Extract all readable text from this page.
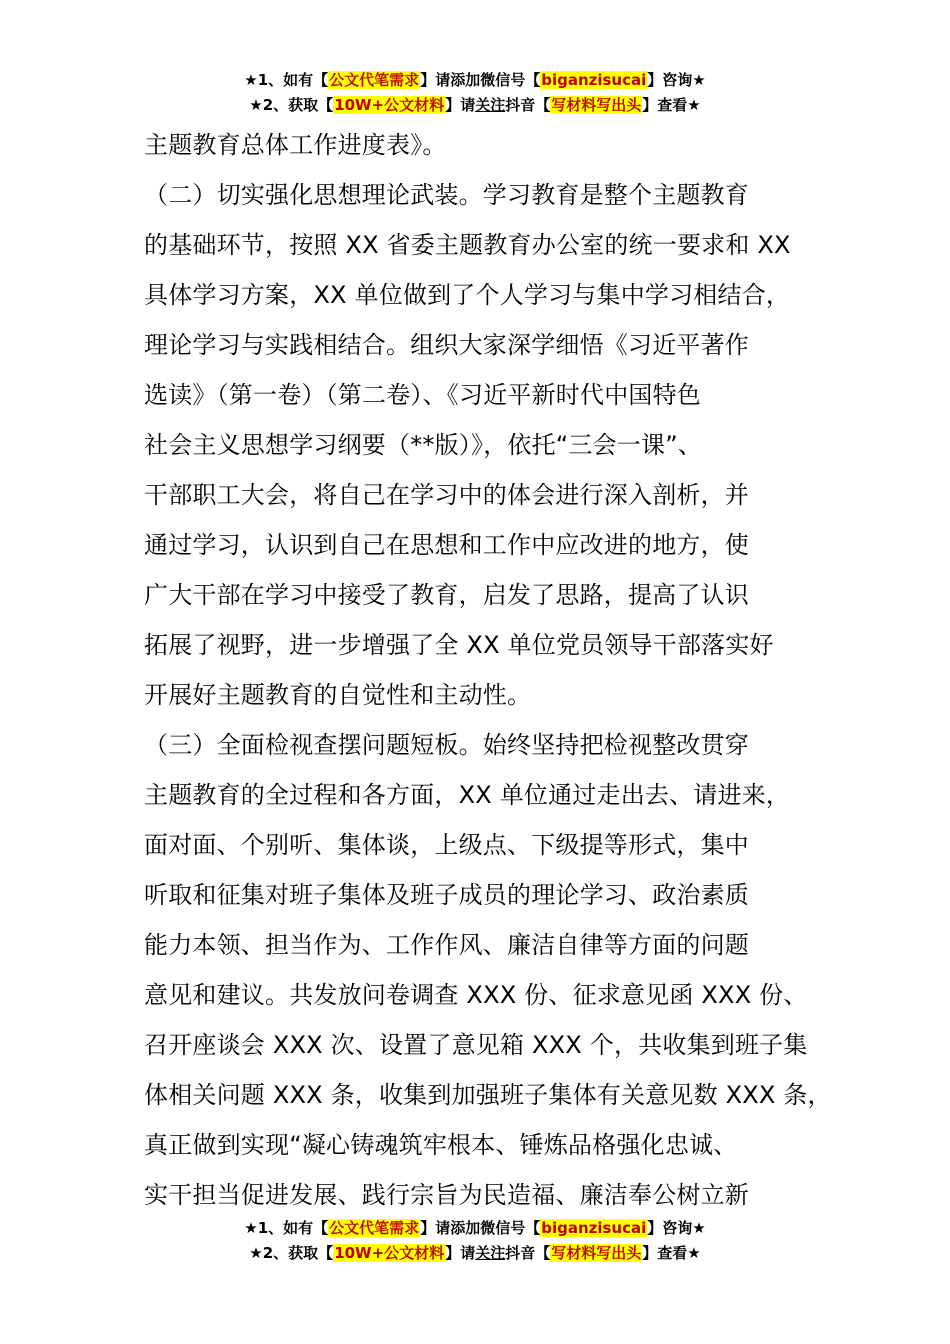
★1、如有【公文代笔需求】请添加微信号【biganzisucai】咨询★
★2、获取【10W+公文材料】请关注抖音【写材料写出头】查看★
主题教育总体工作进度表》。
（二）切实强化思想理论武装。学习教育是整个主题教育
的基础环节，按照 XX 省委主题教育办公室的统一要求和 XX
具体学习方案，XX 单位做到了个人学习与集中学习相结合，
理论学习与实践相结合。组织大家深学细悟《习近平著作
选读》（第一卷）（第二卷）、《习近平新时代中国特色
社会主义思想学习纲要（**版）》，依托“三会一课”、
干部职工大会，将自己在学习中的体会进行深入剖析，并
通过学习，认识到自己在思想和工作中应改进的地方，使
广大干部在学习中接受了教育，启发了思路，提高了认识
拓展了视野，进一步增强了全 XX 单位党员领导干部落实好
开展好主题教育的自觉性和主动性。
（三）全面检视查摆问题短板。始终坚持把检视整改贯穿
主题教育的全过程和各方面，XX 单位通过走出去、请进来，
面对面、个别听、集体谈，上级点、下级提等形式，集中
听取和征集对班子集体及班子成员的理论学习、政治素质
能力本领、担当作为、工作作风、廉洁自律等方面的问题
意见和建议。共发放问卷调查 XXX 份、征求意见函 XXX 份、
召开座谈会 XXX 次、设置了意见箱 XXX 个，共收集到班子集
体相关问题 XXX 条，收集到加强班子集体有关意见数 XXX 条，
真正做到实现“凝心铸魂筑牢根本、锤炼品格强化忠诚、
实干担当促进发展、践行宗旨为民造福、廉洁奉公树立新
★1、如有【公文代笔需求】请添加微信号【biganzisucai】咨询★
★2、获取【10W+公文材料】请关注抖音【写材料写出头】查看★
